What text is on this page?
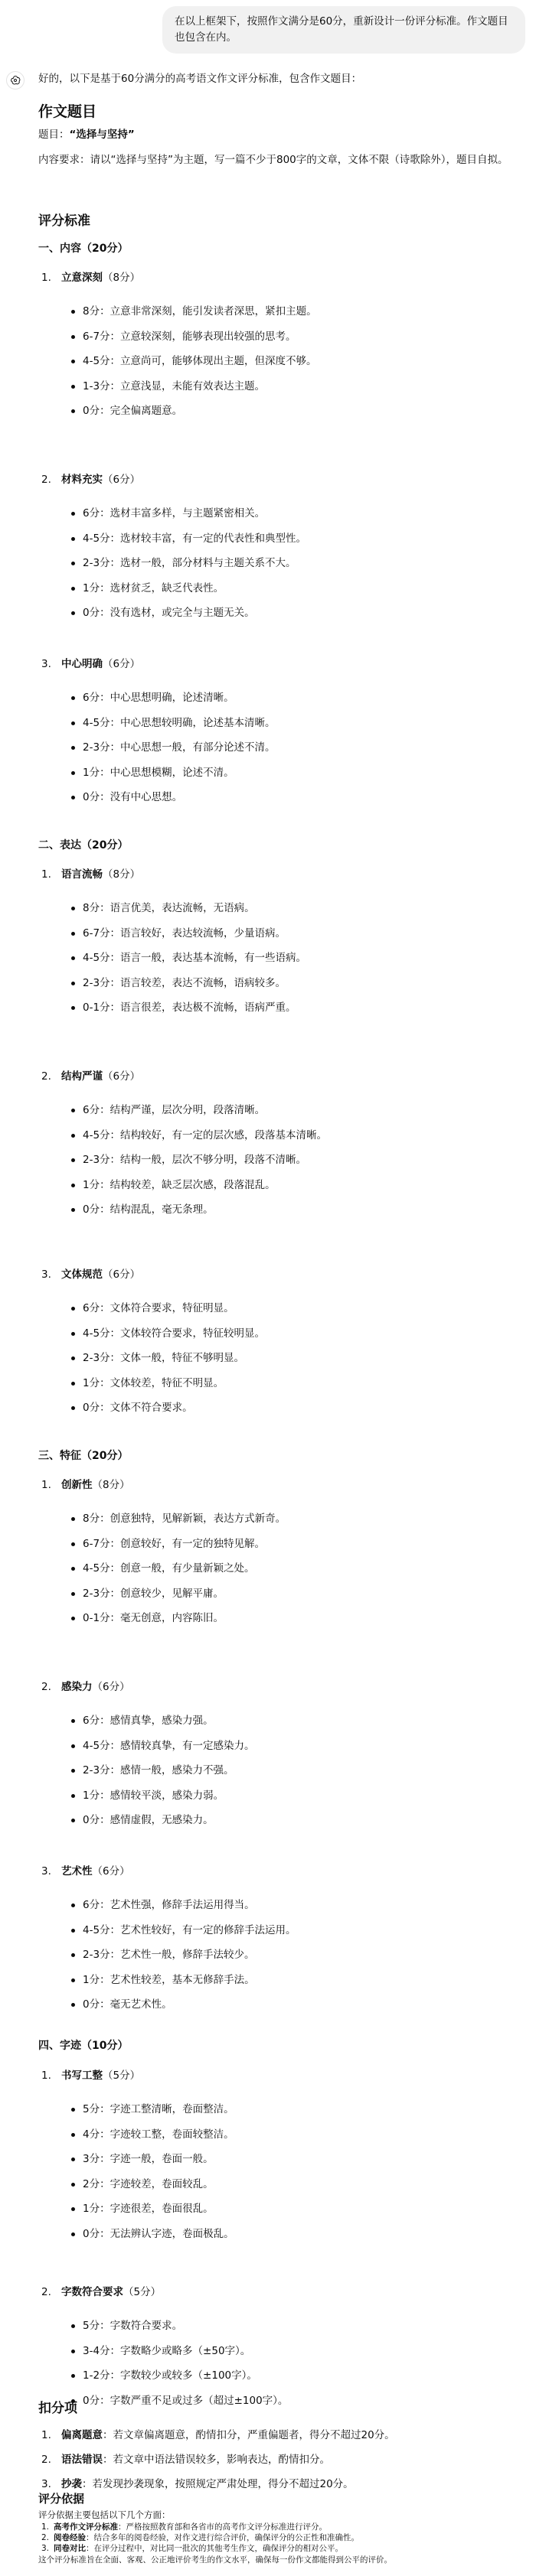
在以上框架下，按照作文满分是60分，重新设计一份评分标准。作文题目也包含在内。
好的，以下是基于60分满分的高考语文作文评分标准，包含作文题目：
作文题目
题目：“选择与坚持”
内容要求：请以“选择与坚持”为主题，写一篇不少于800字的文章，文体不限（诗歌除外），题目自拟。
评分标准
一、内容（20分）
1. 立意深刻（8分）
8分：立意非常深刻，能引发读者深思，紧扣主题。
6-7分：立意较深刻，能够表现出较强的思考。
4-5分：立意尚可，能够体现出主题，但深度不够。
1-3分：立意浅显，未能有效表达主题。
0分：完全偏离题意。
2. 材料充实（6分）
6分：选材丰富多样，与主题紧密相关。
4-5分：选材较丰富，有一定的代表性和典型性。
2-3分：选材一般，部分材料与主题关系不大。
1分：选材贫乏，缺乏代表性。
0分：没有选材，或完全与主题无关。
3. 中心明确（6分）
6分：中心思想明确，论述清晰。
4-5分：中心思想较明确，论述基本清晰。
2-3分：中心思想一般，有部分论述不清。
1分：中心思想模糊，论述不清。
0分：没有中心思想。
二、表达（20分）
1. 语言流畅（8分）
8分：语言优美，表达流畅，无语病。
6-7分：语言较好，表达较流畅，少量语病。
4-5分：语言一般，表达基本流畅，有一些语病。
2-3分：语言较差，表达不流畅，语病较多。
0-1分：语言很差，表达极不流畅，语病严重。
2. 结构严谨（6分）
6分：结构严谨，层次分明，段落清晰。
4-5分：结构较好，有一定的层次感，段落基本清晰。
2-3分：结构一般，层次不够分明，段落不清晰。
1分：结构较差，缺乏层次感，段落混乱。
0分：结构混乱，毫无条理。
3. 文体规范（6分）
6分：文体符合要求，特征明显。
4-5分：文体较符合要求，特征较明显。
2-3分：文体一般，特征不够明显。
1分：文体较差，特征不明显。
0分：文体不符合要求。
三、特征（20分）
1. 创新性（8分）
8分：创意独特，见解新颖，表达方式新奇。
6-7分：创意较好，有一定的独特见解。
4-5分：创意一般，有少量新颖之处。
2-3分：创意较少，见解平庸。
0-1分：毫无创意，内容陈旧。
2. 感染力（6分）
6分：感情真挚，感染力强。
4-5分：感情较真挚，有一定感染力。
2-3分：感情一般，感染力不强。
1分：感情较平淡，感染力弱。
0分：感情虚假，无感染力。
3. 艺术性（6分）
6分：艺术性强，修辞手法运用得当。
4-5分：艺术性较好，有一定的修辞手法运用。
2-3分：艺术性一般，修辞手法较少。
1分：艺术性较差，基本无修辞手法。
0分：毫无艺术性。
四、字迹（10分）
1. 书写工整（5分）
5分：字迹工整清晰，卷面整洁。
4分：字迹较工整，卷面较整洁。
3分：字迹一般，卷面一般。
2分：字迹较差，卷面较乱。
1分：字迹很差，卷面很乱。
0分：无法辨认字迹，卷面极乱。
2. 字数符合要求（5分）
5分：字数符合要求。
3-4分：字数略少或略多（±50字）。
1-2分：字数较少或较多（±100字）。
0分：字数严重不足或过多（超过±100字）。
扣分项
1. 偏离题意：若文章偏离题意，酌情扣分，严重偏题者，得分不超过20分。
2. 语法错误：若文章中语法错误较多，影响表达，酌情扣分。
3. 抄袭：若发现抄袭现象，按照规定严肃处理，得分不超过20分。
评分依据
评分依据主要包括以下几个方面：
1. 高考作文评分标准：严格按照教育部和各省市的高考作文评分标准进行评分。
2. 阅卷经验：结合多年的阅卷经验，对作文进行综合评价，确保评分的公正性和准确性。
3. 同卷对比：在评分过程中，对比同一批次的其他考生作文，确保评分的相对公平。
这个评分标准旨在全面、客观、公正地评价考生的作文水平，确保每一份作文都能得到公平的评价。
